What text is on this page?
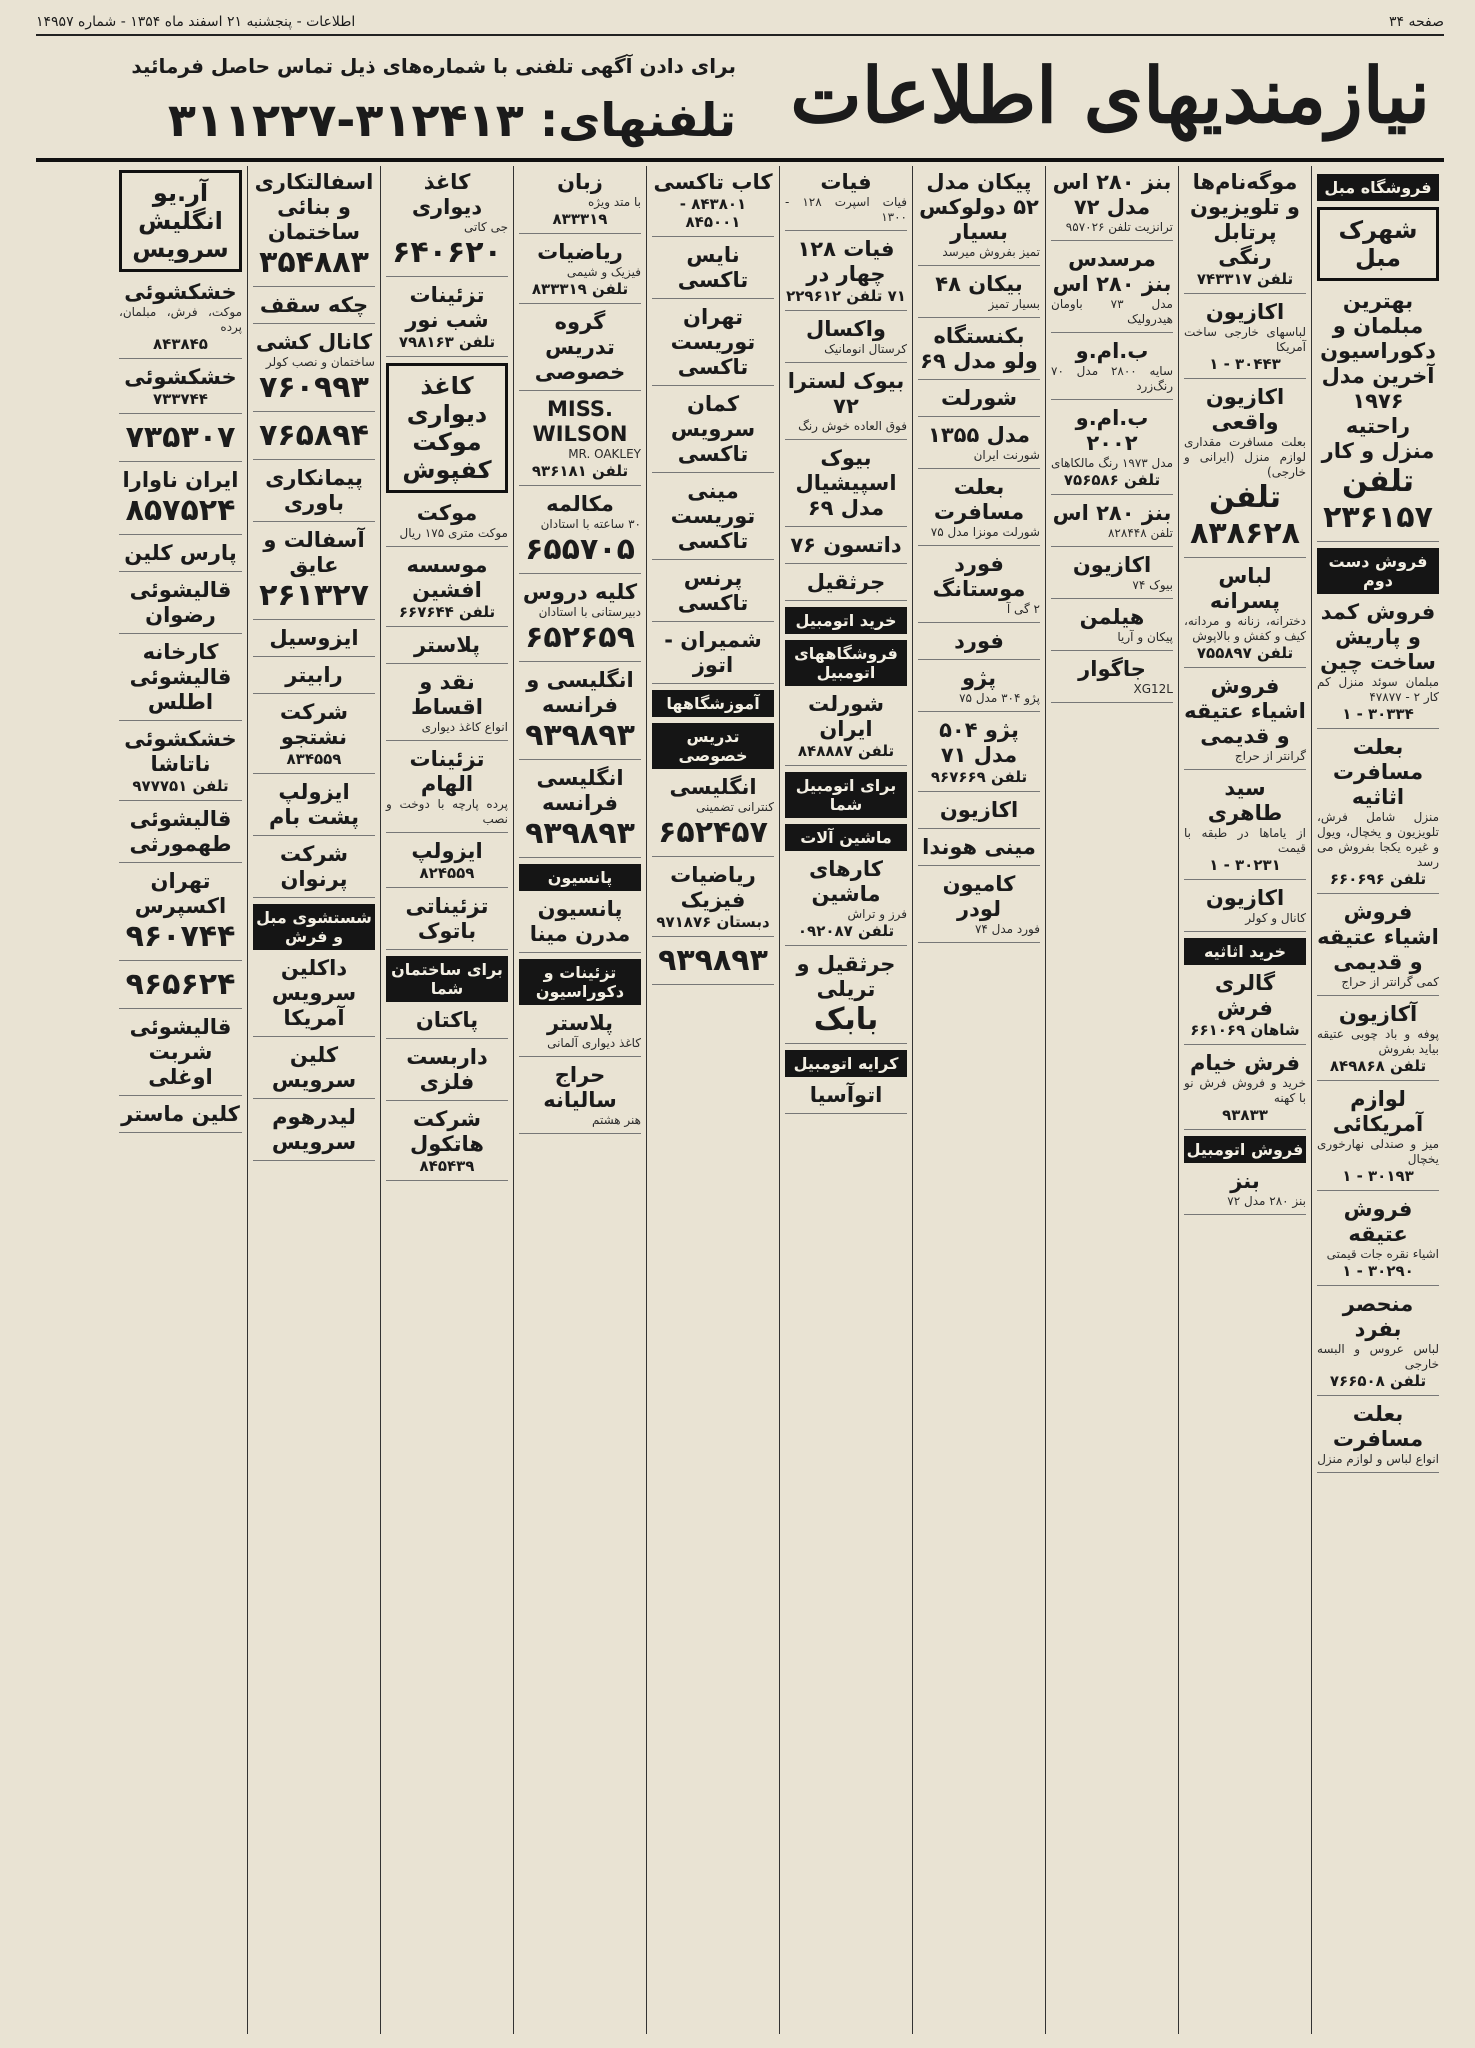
صفحه ۳۴
اطلاعات - پنجشنبه ۲۱ اسفند ماه ۱۳۵۴ - شماره ۱۴۹۵۷
نیازمندیهای اطلاعات
برای دادن آگهی تلفنی با شماره‌های ذیل تماس حاصل فرمائید
تلفنهای: ۳۱۲۴۱۳-۳۱۱۲۲۷
فروشگاه مبل
شهرک مبل
بهترین مبلمان و دکوراسیون آخرین مدل ۱۹۷۶ راحتیه منزل و کار
تلفن ۲۳۶۱۵۷
فروش دست دوم
فروش کمد و پاریش ساخت چین
مبلمان سوئد منزل کم کار ۲ - ۴۷۸۷۷
۳۰۳۳۴ - ۱
بعلت مسافرت اثاثیه
منزل شامل فرش، تلویزیون و یخچال، ویول و غیره یکجا بفروش می رسد
تلفن ۶۶۰۶۹۶
فروش اشیاء عتیقه و قدیمی
کمی گرانتر از حراج
آکازیون
پوفه و باد چوبی عتیقه بیاید بفروش
تلفن ۸۴۹۸۶۸
لوازم آمریکائی
میز و صندلی نهارخوری یخچال
۳۰۱۹۳ - ۱
فروش عتیقه
اشیاء نقره جات قیمتی
۳۰۲۹۰ - ۱
منحصر بفرد
لباس عروس و البسه خارجی
تلفن ۷۶۶۵۰۸
بعلت مسافرت
انواع لباس و لوازم منزل
موگه‌نام‌ها و تلویزیون پرتابل رنگی
تلفن ۷۴۳۳۱۷
اکازیون
لباسهای خارجی ساخت آمریکا
۳۰۴۴۳ - ۱
اکازیون واقعی
بعلت مسافرت مقداری لوازم منزل (ایرانی و خارجی)
تلفن ۸۳۸۶۲۸
لباس پسرانه
دخترانه، زنانه و مردانه، کیف و کفش و بالاپوش
تلفن ۷۵۵۸۹۷
فروش اشیاء عتیقه و قدیمی
گرانتر از حراج
سید طاهری
از یاماها در طبقه با قیمت
۳۰۲۳۱ - ۱
اکازیون
کانال و کولر
خرید اثاثیه
گالری فرش
شاهان ۶۶۱۰۶۹
فرش خیام
خرید و فروش فرش نو با کهنه
۹۳۸۳۳
فروش اتومبیل
بنز
بنز ۲۸۰ مدل ۷۲
بنز ۲۸۰ اس مدل ۷۲
ترانزیت تلفن ۹۵۷۰۲۶
مرسدس بنز ۲۸۰ اس
مدل ۷۳ باومان هیدرولیک
ب.ام.و
سایه ۲۸۰۰ مدل ۷۰ رنگ‌زرد
ب.ام.و ۲۰۰۲
مدل ۱۹۷۳ رنگ مالکاهای
تلفن ۷۵۶۵۸۶
بنز ۲۸۰ اس
تلفن ۸۲۸۴۴۸
اکازیون
بیوک ۷۴
هیلمن
پیکان و آریا
جاگوار
XG12L
پیکان مدل ۵۲ دولوکس بسیار
تمیز بفروش میرسد
بیکان ۴۸
بسیار تمیز
بکنستگاه ولو مدل ۶۹
شورلت
مدل ۱۳۵۵
شورنت ایران
بعلت مسافرت
شورلت مونزا مدل ۷۵
فورد موستانگ
۲ گی آ
فورد
پژو
پژو ۳۰۴ مدل ۷۵
پژو ۵۰۴ مدل ۷۱
تلفن ۹۶۷۶۶۹
اکازیون
مینی هوندا
کامیون لودر
فورد مدل ۷۴
فیات
فیات اسپرت ۱۲۸ - ۱۳۰۰
فیات ۱۲۸ چهار در
۷۱ تلفن ۲۲۹۶۱۲
واکسال
کرستال انومانیک
بیوک لسترا ۷۲
فوق العاده خوش رنگ
بیوک اسپیشیال مدل ۶۹
داتسون ۷۶
جرثقیل
خرید اتومبیل
فروشگاههای اتومبیل
شورلت ایران
تلفن ۸۴۸۸۸۷
برای اتومبیل شما
ماشین آلات
کارهای ماشین
فرز و تراش
تلفن ۰۹۲۰۸۷
جرثقیل و تریلی
بابک
کرایه اتومبیل
اتوآسیا
کاب تاکسی
۸۴۳۸۰۱ - ۸۴۵۰۰۱
نایس تاکسی
تهران توریست تاکسی
کمان سرویس تاکسی
مینی توریست تاکسی
پرنس تاکسی
شمیران - اتوز
آموزشگاهها
تدریس خصوصی
انگلیسی
کنترانی تضمینی
۶۵۲۴۵۷
ریاضیات فیزیک
دبستان ۹۷۱۸۷۶
۹۳۹۸۹۳
زبان
با متد ویژه
۸۳۳۳۱۹
ریاضیات
فیزیک و شیمی
تلفن ۸۳۳۳۱۹
گروه تدریس خصوصی
MISS. WILSON
MR. OAKLEY
تلفن ۹۳۶۱۸۱
مکالمه
۳۰ ساعته با استادان
۶۵۵۷۰۵
کلیه دروس
دبیرستانی با استادان
۶۵۲۶۵۹
انگلیسی و فرانسه
۹۳۹۸۹۳
انگلیسی فرانسه
۹۳۹۸۹۳
پانسیون
پانسیون مدرن مینا
تزئینات و دکوراسیون
پلاستر
کاغذ دیواری آلمانی
حراج سالیانه
هنر هشتم
کاغذ دیواری
جی کاتی
۶۴۰۶۲۰
تزئینات شب نور
تلفن ۷۹۸۱۶۳
کاغذ دیواری موکت کفپوش
موکت
موکت متری ۱۷۵ ریال
موسسه افشین
تلفن ۶۶۷۶۴۴
پلاستر
نقد و اقساط
انواع کاغذ دیواری
تزئینات الهام
پرده پارچه با دوخت و نصب
ایزولپ
۸۲۴۵۵۹
تزئیناتی باتوک
برای ساختمان شما
پاکتان
داربست فلزی
شرکت هاتکول
۸۴۵۴۳۹
اسفالتکاری و بنائی ساختمان
۳۵۴۸۸۳
چکه سقف
کانال کشی
ساختمان و نصب کولر
۷۶۰۹۹۳
۷۶۵۸۹۴
پیمانکاری باوری
آسفالت و عایق
۲۶۱۳۲۷
ایزوسیل
رابیتر
شرکت نشتجو
۸۳۴۵۵۹
ایزولپ پشت بام
شرکت پرنوان
شستشوی مبل و فرش
داکلین سرویس آمریکا
کلین سرویس
لیدرهوم سرویس
آر.یو انگلیش سرویس
خشکشوئی
موکت، فرش، مبلمان، پرده
۸۴۳۸۴۵
خشکشوئی
۷۳۳۷۴۴
۷۳۵۳۰۷
ایران ناوارا
۸۵۷۵۲۴
پارس کلین
قالیشوئی رضوان
کارخانه قالیشوئی اطلس
خشکشوئی ناتاشا
تلفن ۹۷۷۷۵۱
قالیشوئی طهمورثی
تهران اکسپرس
۹۶۰۷۴۴
۹۶۵۶۲۴
قالیشوئی شربت اوغلی
کلین ماستر
